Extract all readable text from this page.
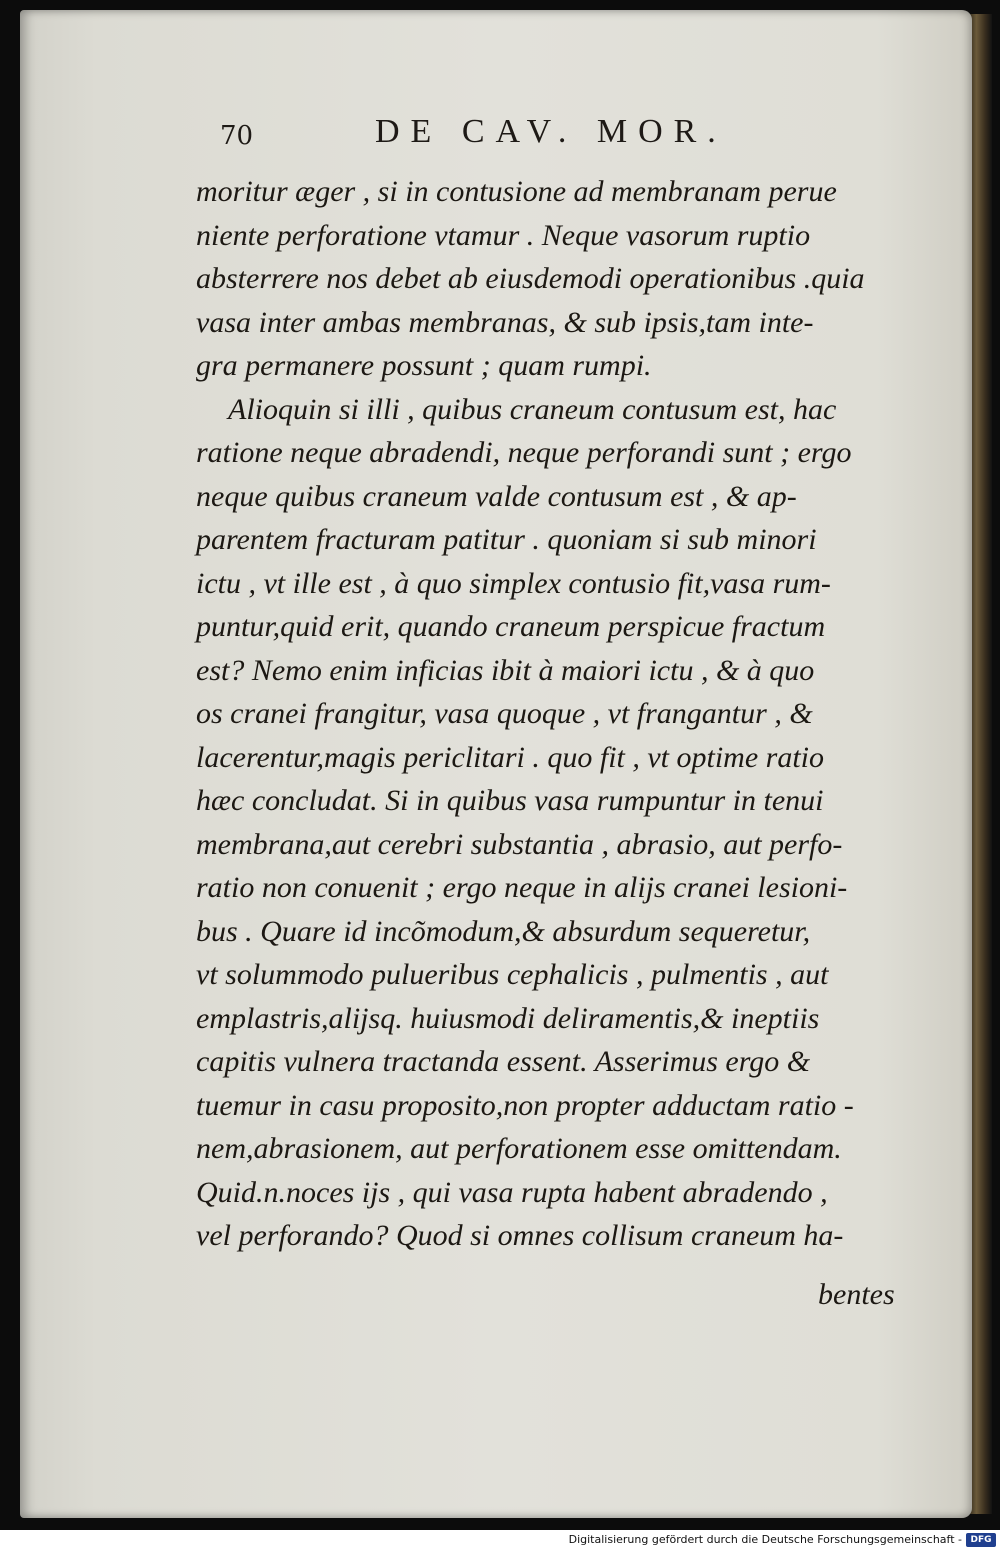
70	DE CAV. MOR.
moritur æger , si in contusione ad membranam perue
niente perforatione vtamur . Neque vasorum ruptio
absterrere nos debet ab eiusdemodi operationibus .quia
vasa inter ambas membranas, & sub ipsis,tam inte-
gra permanere possunt ; quam rumpi.
Alioquin si illi , quibus craneum contusum est, hac
ratione neque abradendi, neque perforandi sunt ; ergo
neque quibus craneum valde contusum est , & ap-
parentem fracturam patitur . quoniam si sub minori
ictu , vt ille est , à quo simplex contusio fit,vasa rum-
puntur,quid erit, quando craneum perspicue fractum
est? Nemo enim inficias ibit à maiori ictu , & à quo
os cranei frangitur, vasa quoque , vt frangantur , &
lacerentur,magis periclitari . quo fit , vt optime ratio
hæc concludat. Si in quibus vasa rumpuntur in tenui
membrana,aut cerebri substantia , abrasio, aut perfo-
ratio non conuenit ; ergo neque in alijs cranei lesioni-
bus . Quare id incõmodum,& absurdum sequeretur,
vt solummodo pulueribus cephalicis , pulmentis , aut
emplastris,alijsq. huiusmodi deliramentis,& ineptiis
capitis vulnera tractanda essent. Asserimus ergo &
tuemur in casu proposito,non propter adductam ratio -
nem,abrasionem, aut perforationem esse omittendam.
Quid.n.noces ijs , qui vasa rupta habent abradendo ,
vel perforando? Quod si omnes collisum craneum ha-
bentes
Digitalisierung gefördert durch die Deutsche Forschungsgemeinschaft - DFG
